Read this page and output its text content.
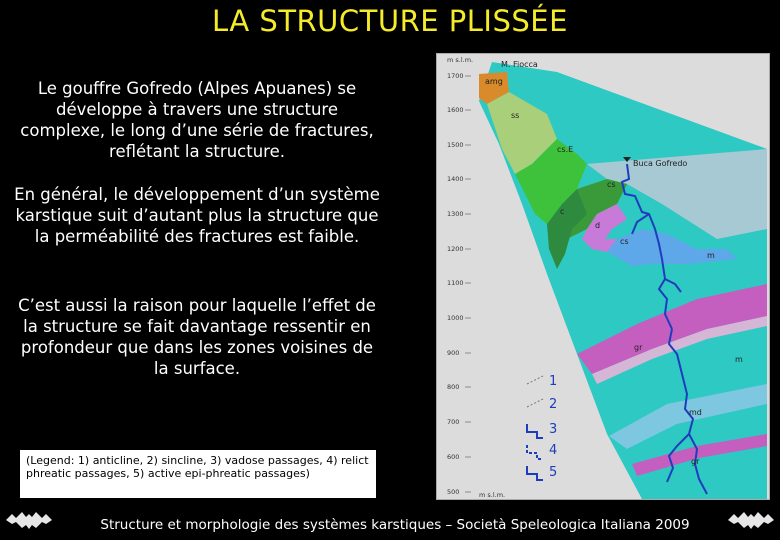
LA STRUCTURE PLISSÉE
Le gouffre Gofredo (Alpes Apuanes) se développe à travers une structure complexe, le long d’une série de fractures, reflétant la structure.
En général, le développement d’un système karstique suit d’autant plus la structure que la perméabilité des fractures est faible.
C’est aussi la raison pour laquelle l’effet de la structure se fait davantage ressentir en profondeur que dans les zones voisines de la surface.
(Legend: 1) anticline, 2) sincline, 3) vadose passages, 4) relict phreatic passages, 5) active epi-phreatic passages)
m s.l.m.
1700
1600
1500
1400
1300
1200
1100
1000
900
800
700
600
500	m s.l.m.
M. Fiocca
amg
ss
cs.E
Buca Gofredo
cs
c
d
cs
m
gr
m
md
gr
1
2
3
4
5
Structure et morphologie des systèmes karstiques – Società Speleologica Italiana 2009
